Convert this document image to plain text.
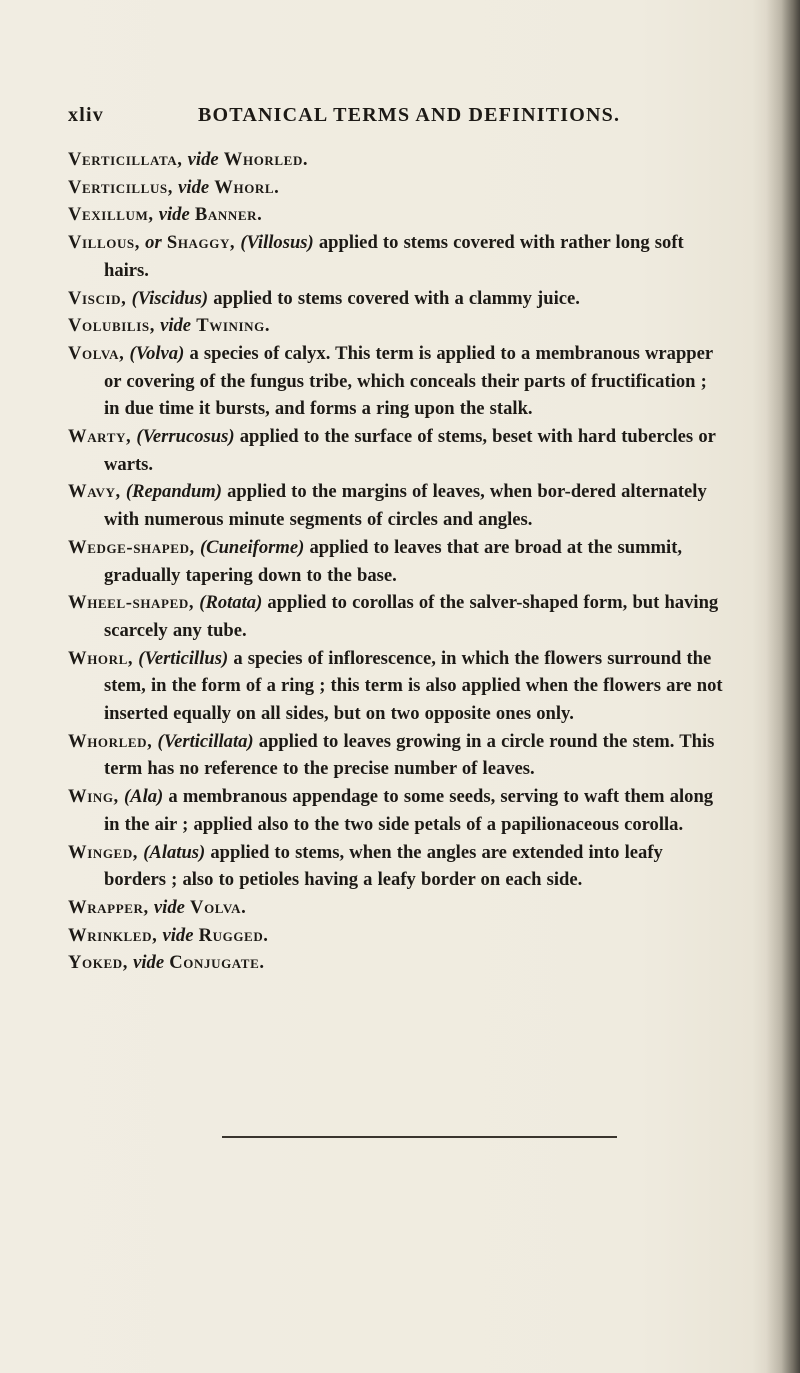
xliv	BOTANICAL TERMS AND DEFINITIONS.

Verticillata, vide Whorled.

Verticillus, vide Whorl.

Vexillum, vide Banner.

Villous, or Shaggy, (Villosus) applied to stems covered with rather long soft hairs.

Viscid, (Viscidus) applied to stems covered with a clammy juice.

Volubilis, vide Twining.

Volva, (Volva) a species of calyx. This term is applied to a membranous wrapper or covering of the fungus tribe, which conceals their parts of fructification ; in due time it bursts, and forms a ring upon the stalk.

Warty, (Verrucosus) applied to the surface of stems, beset with hard tubercles or warts.

Wavy, (Repandum) applied to the margins of leaves, when bor-dered alternately with numerous minute segments of circles and angles.

Wedge-shaped, (Cuneiforme) applied to leaves that are broad at the summit, gradually tapering down to the base.

Wheel-shaped, (Rotata) applied to corollas of the salver-shaped form, but having scarcely any tube.

Whorl, (Verticillus) a species of inflorescence, in which the flowers surround the stem, in the form of a ring ; this term is also applied when the flowers are not inserted equally on all sides, but on two opposite ones only.

Whorled, (Verticillata) applied to leaves growing in a circle round the stem. This term has no reference to the precise number of leaves.

Wing, (Ala) a membranous appendage to some seeds, serving to waft them along in the air ; applied also to the two side petals of a papilionaceous corolla.

Winged, (Alatus) applied to stems, when the angles are extended into leafy borders ; also to petioles having a leafy border on each side.

Wrapper, vide Volva.

Wrinkled, vide Rugged.

Yoked, vide Conjugate.
